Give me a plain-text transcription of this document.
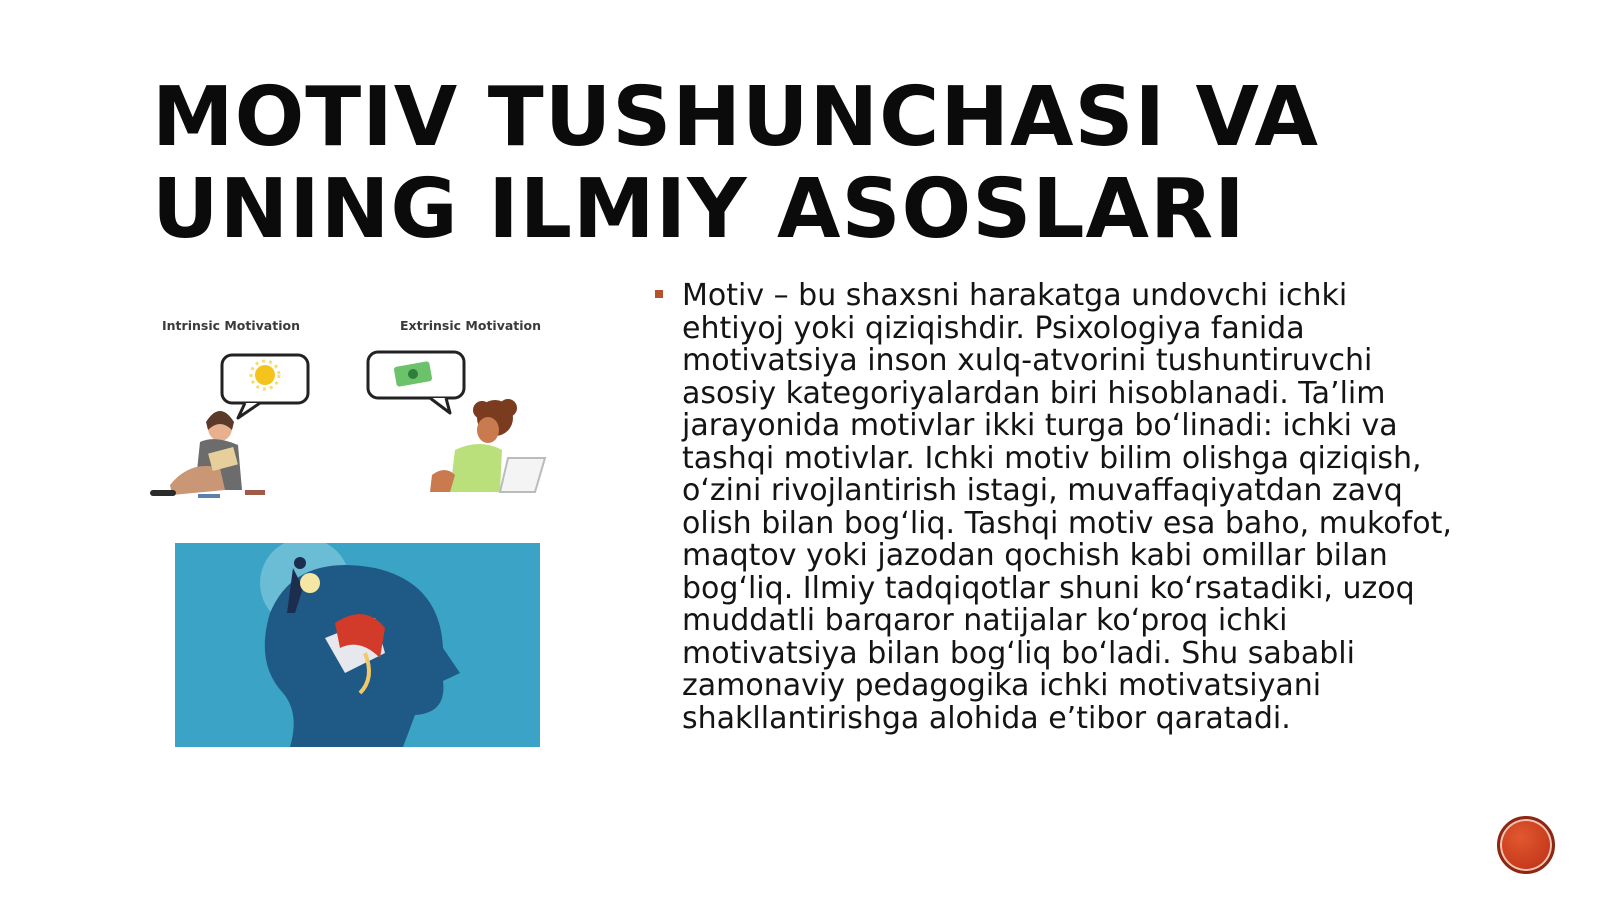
MOTIV TUSHUNCHASI VA UNING ILMIY ASOSLARI
Intrinsic Motivation	Extrinsic Motivation

Motiv – bu shaxsni harakatga undovchi ichki ehtiyoj yoki qiziqishdir. Psixologiya fanida motivatsiya inson xulq-atvorini tushuntiruvchi asosiy kategoriyalardan biri hisoblanadi. Ta’lim jarayonida motivlar ikki turga bo‘linadi: ichki va tashqi motivlar. Ichki motiv bilim olishga qiziqish, o‘zini rivojlantirish istagi, muvaffaqiyatdan zavq olish bilan bog‘liq. Tashqi motiv esa baho, mukofot, maqtov yoki jazodan qochish kabi omillar bilan bog‘liq. Ilmiy tadqiqotlar shuni ko‘rsatadiki, uzoq muddatli barqaror natijalar ko‘proq ichki motivatsiya bilan bog‘liq bo‘ladi. Shu sababli zamonaviy pedagogika ichki motivatsiyani shakllantirishga alohida e’tibor qaratadi.
